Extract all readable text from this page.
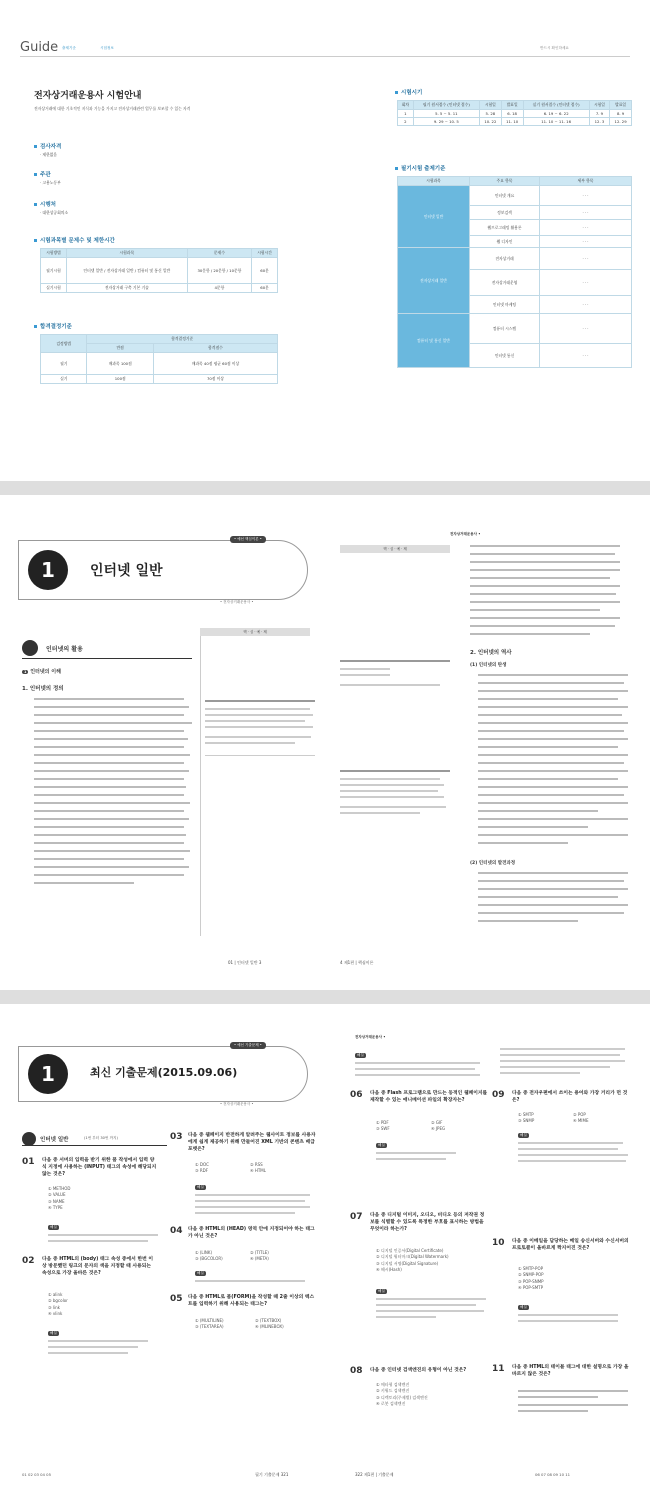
Guide 출제기준	시험정보	반드시 확인하세요
전자상거래운용사 시험안내
전자상거래에 대한 기초적인 지식과 기능을 가지고 전자상거래관련 업무를 보조할 수 있는 자격
검사자격
· 제한없음
주관
· 고용노동부
시행처
· 대한상공회의소
시험과목별 문제수 및 제한시간
시험방법	시험과목	문제수	시험시간
필기시험	인터넷 일반 / 전자상거래 일반 / 컴퓨터 및 통신 일반	30문항 / 20문항 / 10문항	60분
실기시험	전자상거래 구축 기본 기술	4문항	60분
합격결정기준
검정방법	합격결정기준	
	만점	합격점수
필기	매과목 100점	매과목 40점 평균 60점 이상
실기	100점	70점 이상
시험시기
회차	필기 원서접수 (인터넷 접수)	시험일	발표일	실기 원서접수 (인터넷 접수)	시험일	발표일
1	5. 5 ~ 5. 11	5. 28	6. 18	6. 19 ~ 6. 22	7. 9	8. 9
2	9. 29 ~ 10. 5	10. 22	11. 10	11. 10 ~ 11. 16	12. 3	12. 29
필기시험 출제기준
시험과목	주요 항목	세부 항목
인터넷 일반	인터넷 개요	· · ·
	정보검색	· · ·
	웹프로그래밍 활용론	· · ·
	웹 디자인	· · ·
전자상거래 일반	전자상거래	· · ·
	전자상거래운영	· · ·
	인터넷 마케팅	· · ·
컴퓨터 및 통신 일반	컴퓨터 시스템	· · ·
	인터넷 통신	· · ·
• 예선 핵심이론 •
1	인터넷 일반
• 전자상거래운용사 •
핵 · 심 · 예 · 제
인터넷의 활용
1 인터넷의 이해
1. 인터넷의 정의
01 | 인터넷 일반 3
핵 · 심 · 예 · 제
전자상거래운용사 •
2. 인터넷의 역사
(1) 인터넷의 탄생
(2) 인터넷의 발전과정
4 제1편 | 핵심이론
• 예선 기출문제 •
1	최신 기출문제(2015.09.06)
• 전자상거래운용사 •
전자상거래운용사 •
인터넷 일반	(1번 부터 30번 까지)
01 다음 중 서버의 입력을 받기 위한 폼 작성에서 입력 양식 지정에 사용하는 (INPUT) 태그의 속성에 해당되지 않는 것은?
① METHOD
② VALUE
③ NAME
④ TYPE
해설
02 다음 중 HTML의 (body) 태그 속성 중에서 한번 이상 방문했던 링크의 문자의 색을 지정할 때 사용되는 속성으로 가장 올바른 것은?
① alink
② bgcolor
③ link
④ vlink
해설
03 다음 중 웹페이지 반전하게 알려주는 웹사이트 정보를 사용자에게 쉽게 제공하기 위해 만들어진 XML 기반의 콘텐츠 배급 포맷은?
① DOC	② RSS
③ RDF	④ HTML
해설
04 다음 중 HTML의 (HEAD) 영역 안에 지정되어야 하는 태그가 아닌 것은?
① (LINK)	② (TITLE)
③ (BGCOLOR)	④ (META)
해설
05 다음 중 HTML로 폼(FORM)을 작성할 때 2줄 이상의 텍스트를 입력하기 위해 사용되는 태그는?
① (MULTILINE)	② (TEXTBOX)
③ (TEXTAREA)	④ (MLINEBOX)
01 02 03 04 05	필기 기출문제 321
해설
06 다음 중 Flash 프로그램으로 만드는 동적인 웹페이지를 제작할 수 있는 애니메이션 파일의 확장자는?
① PDF	② GIF
③ SWF	④ JPEG
해설
07 다음 중 디지털 이미지, 오디오, 비디오 등의 저작권 정보를 식별할 수 있도록 특정한 부호를 표시하는 방법을 무엇이라 하는가?
① 디지털 인증서(Digital Certificate)
② 디지털 워터마크(Digital Watermark)
③ 디지털 서명(Digital Signature)
④ 해시(Hash)
해설
08 다음 중 인터넷 검색엔진의 유형이 아닌 것은?
① 메타형 검색엔진
② 키워드 검색엔진
③ 디렉토리(주제별) 검색엔진
④ 로봇 검색엔진
322 제1편 | 기출문제
09 다음 중 전자우편에서 쓰이는 용어와 가장 거리가 먼 것은?
① SMTP	② POP
③ SNMP	④ MIME
해설
10 다음 중 이메일을 담당하는 메일 송신서버와 수신서버의 프로토콜이 올바르게 짝지어진 것은?
① SMTP-POP
② SNMP-POP
③ POP-SNMP
④ POP-SMTP
해설
11 다음 중 HTML의 테이블 태그에 대한 설명으로 가장 올바르지 않은 것은?
06 07 08 09 10 11
